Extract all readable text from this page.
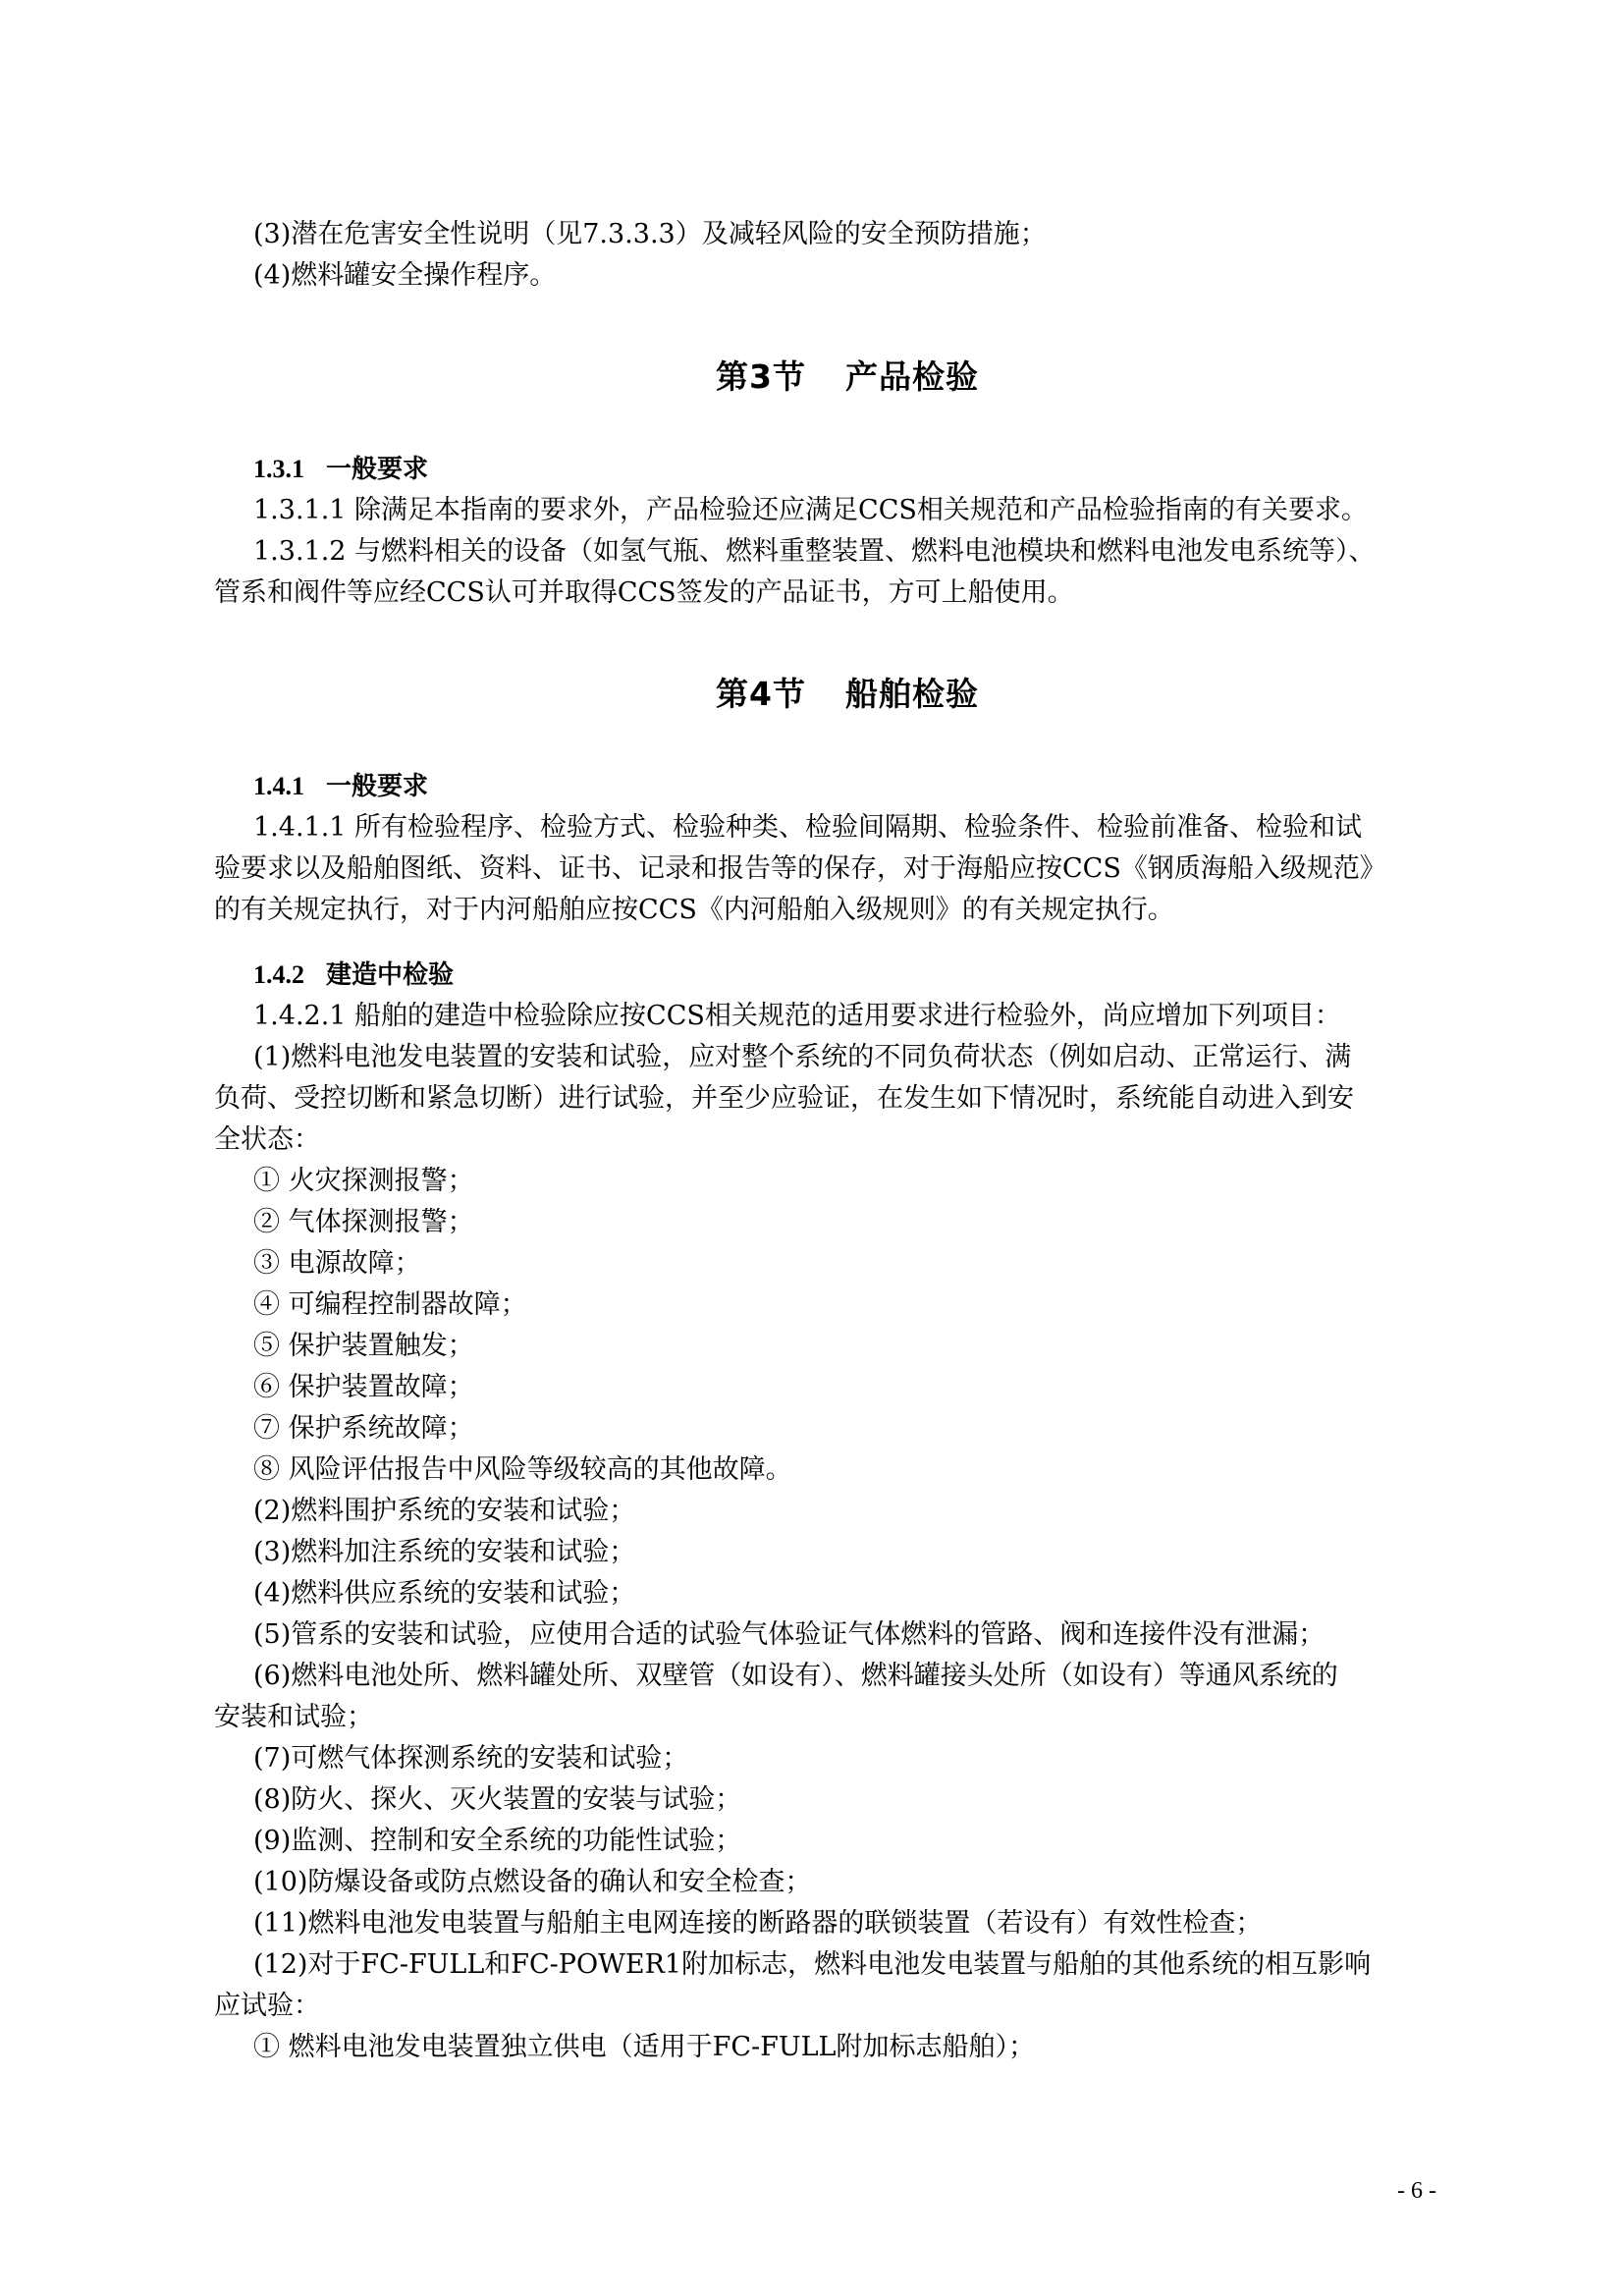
(3)潜在危害安全性说明（见7.3.3.3）及减轻风险的安全预防措施；

(4)燃料罐安全操作程序。

第3节 产品检验

1.3.1 一般要求

1.3.1.1 除满足本指南的要求外，产品检验还应满足CCS相关规范和产品检验指南的有关要求。

1.3.1.2 与燃料相关的设备（如氢气瓶、燃料重整装置、燃料电池模块和燃料电池发电系统等）、

管系和阀件等应经CCS认可并取得CCS签发的产品证书，方可上船使用。

第4节 船舶检验

1.4.1 一般要求

1.4.1.1 所有检验程序、检验方式、检验种类、检验间隔期、检验条件、检验前准备、检验和试

验要求以及船舶图纸、资料、证书、记录和报告等的保存，对于海船应按CCS《钢质海船入级规范》

的有关规定执行，对于内河船舶应按CCS《内河船舶入级规则》的有关规定执行。

1.4.2 建造中检验

1.4.2.1 船舶的建造中检验除应按CCS相关规范的适用要求进行检验外，尚应增加下列项目：

(1)燃料电池发电装置的安装和试验，应对整个系统的不同负荷状态（例如启动、正常运行、满

负荷、受控切断和紧急切断）进行试验，并至少应验证，在发生如下情况时，系统能自动进入到安

全状态：

① 火灾探测报警；

② 气体探测报警；

③ 电源故障；

④ 可编程控制器故障；

⑤ 保护装置触发；

⑥ 保护装置故障；

⑦ 保护系统故障；

⑧ 风险评估报告中风险等级较高的其他故障。

(2)燃料围护系统的安装和试验；

(3)燃料加注系统的安装和试验；

(4)燃料供应系统的安装和试验；

(5)管系的安装和试验，应使用合适的试验气体验证气体燃料的管路、阀和连接件没有泄漏；

(6)燃料电池处所、燃料罐处所、双壁管（如设有）、燃料罐接头处所（如设有）等通风系统的

安装和试验；

(7)可燃气体探测系统的安装和试验；

(8)防火、探火、灭火装置的安装与试验；

(9)监测、控制和安全系统的功能性试验；

(10)防爆设备或防点燃设备的确认和安全检查；

(11)燃料电池发电装置与船舶主电网连接的断路器的联锁装置（若设有）有效性检查；

(12)对于FC-FULL和FC-POWER1附加标志，燃料电池发电装置与船舶的其他系统的相互影响

应试验：

① 燃料电池发电装置独立供电（适用于FC-FULL附加标志船舶）；

- 6 -
